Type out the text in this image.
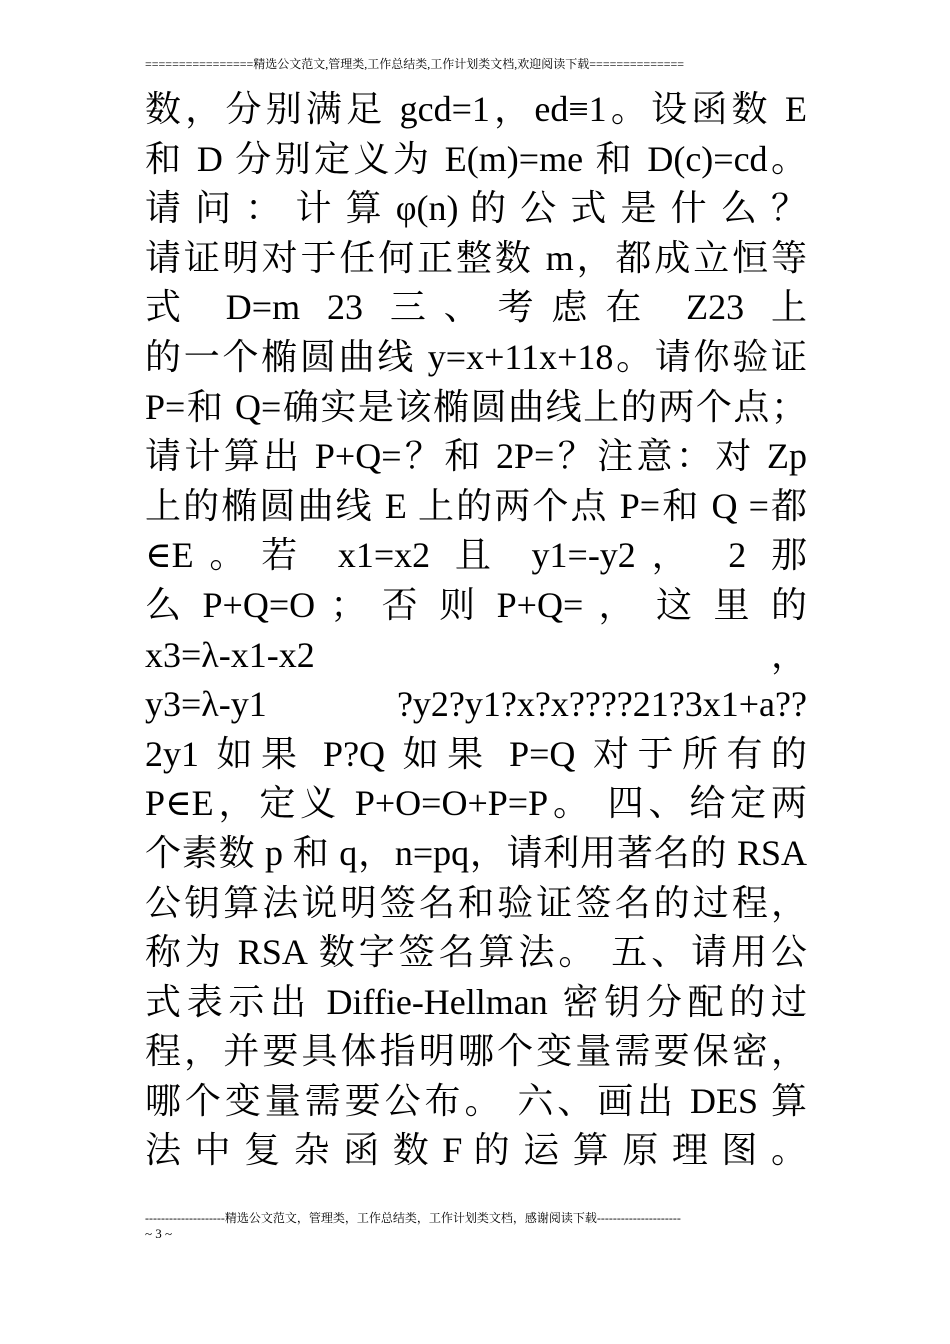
================精选公文范文,管理类,工作总结类,工作计划类文档,欢迎阅读下载==============
数，分别满足 gcd=1，ed≡1。设函数 E
和 D 分别定义为 E(m)=me 和 D(c)=cd。
请 问 ： 计 算 φ(n) 的 公 式 是 什 么 ？
请证明对于任何正整数 m，都成立恒等
式 D=m 23 三、考虑在 Z23 上
的一个椭圆曲线 y=x+11x+18。请你验证
P=和 Q=确实是该椭圆曲线上的两个点；
请计算出 P+Q=？和 2P=？注意：对 Zp
上的椭圆曲线 E 上的两个点 P=和 Q =都
∈E。若 x1=x2 且 y1=-y2， 2 那
么 P+Q=O ； 否 则 P+Q= ， 这 里 的
x3=λ-x1-x2 ，
y3=λ-y1 ?y2?y1?x?x????21?3x1+a??
2y1 如果 P?Q 如果 P=Q 对于所有的
P∈E，定义 P+O=O+P=P。 四、给定两
个素数 p 和 q，n=pq，请利用著名的 RSA
公钥算法说明签名和验证签名的过程，
称为 RSA 数字签名算法。 五、请用公
式表示出 Diffie-Hellman 密钥分配的过
程，并要具体指明哪个变量需要保密，
哪个变量需要公布。 六、画出 DES 算
法 中 复 杂 函 数 F 的 运 算 原 理 图 。
--------------------精选公文范文，管理类，工作总结类，工作计划类文档，感谢阅读下载---------------------
~ 3 ~
